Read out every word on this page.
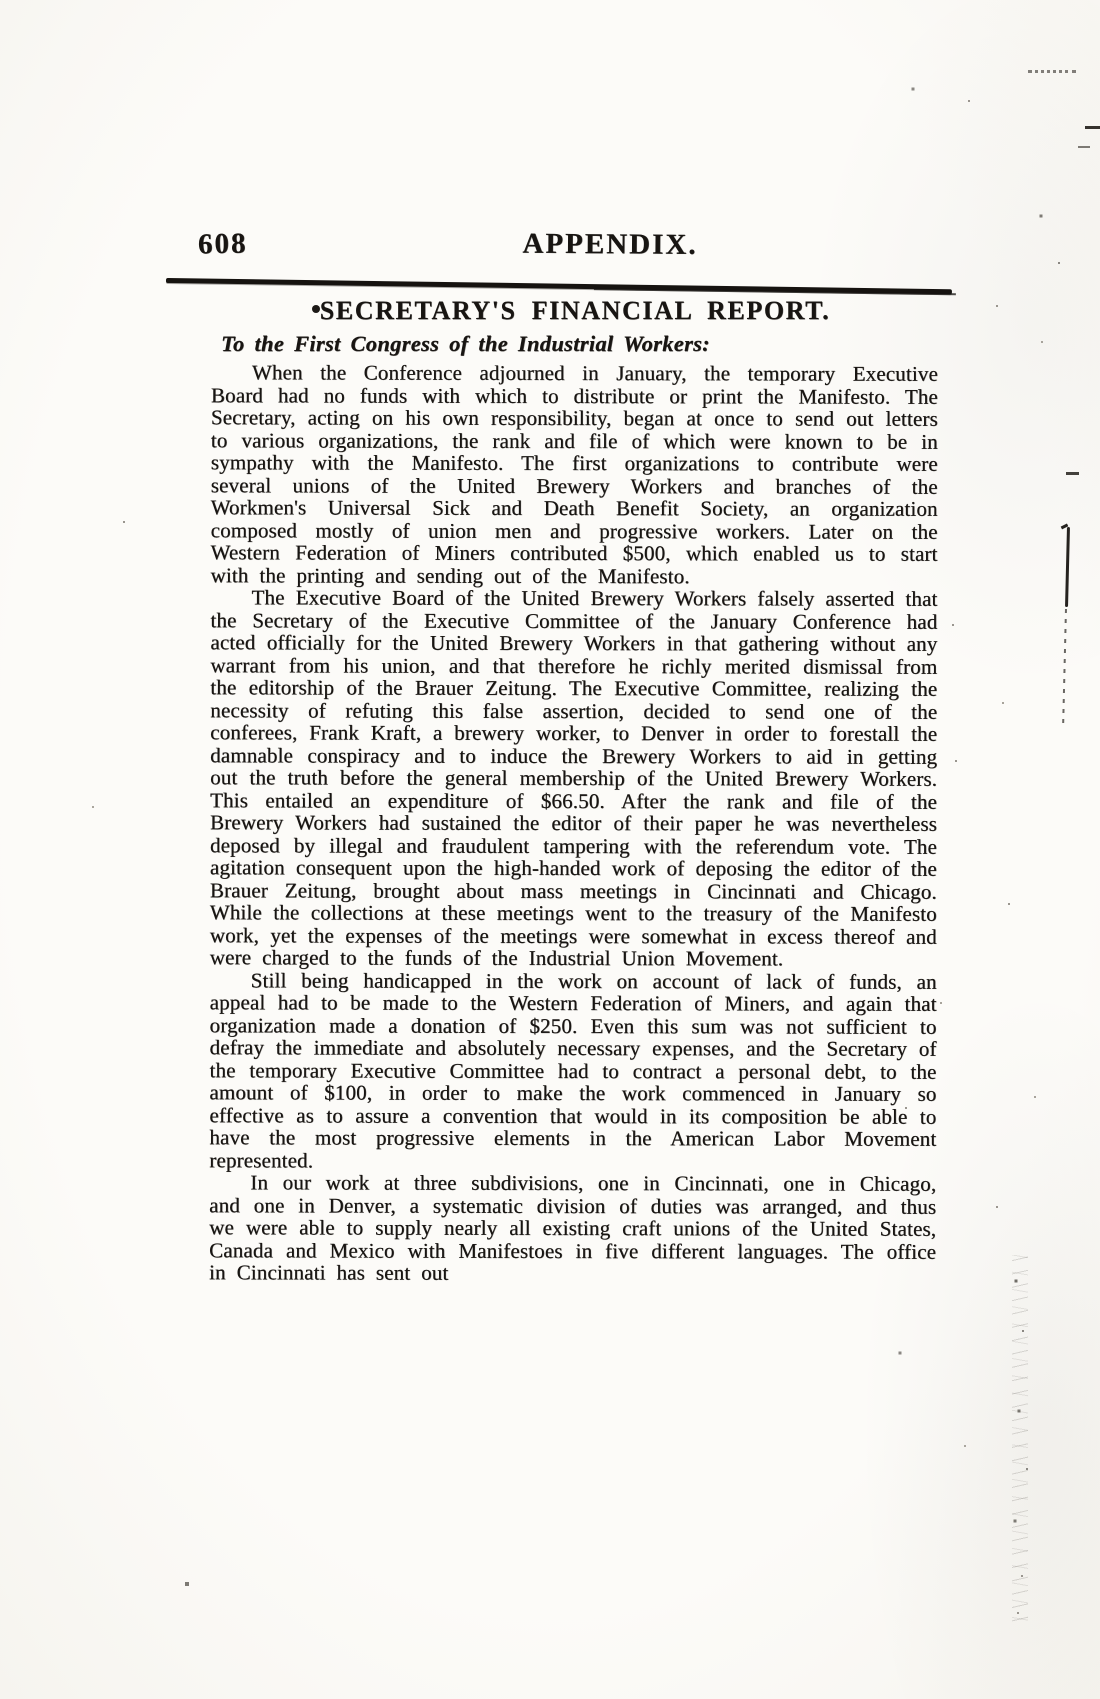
608	APPENDIX.
SECRETARY'S FINANCIAL REPORT.

To the First Congress of the Industrial Workers:

When the Conference adjourned in January, the temporary Executive Board had no funds with which to distribute or print the Manifesto. The Secretary, acting on his own responsibility, began at once to send out letters to various organizations, the rank and file of which were known to be in sympathy with the Manifesto. The first organizations to contribute were several unions of the United Brewery Workers and branches of the Workmen's Universal Sick and Death Benefit Society, an organization composed mostly of union men and progressive workers. Later on the Western Federation of Miners contributed $500, which enabled us to start with the printing and sending out of the Manifesto.

The Executive Board of the United Brewery Workers falsely asserted that the Secretary of the Executive Committee of the January Conference had acted officially for the United Brewery Workers in that gathering without any warrant from his union, and that therefore he richly merited dismissal from the editorship of the Brauer Zeitung. The Executive Committee, realizing the necessity of refuting this false assertion, decided to send one of the conferees, Frank Kraft, a brewery worker, to Denver in order to forestall the damnable conspiracy and to induce the Brewery Workers to aid in getting out the truth before the general membership of the United Brewery Workers. This entailed an expenditure of $66.50. After the rank and file of the Brewery Workers had sustained the editor of their paper he was nevertheless deposed by illegal and fraudulent tampering with the referendum vote. The agitation consequent upon the high-handed work of deposing the editor of the Brauer Zeitung, brought about mass meetings in Cincinnati and Chicago. While the collections at these meetings went to the treasury of the Manifesto work, yet the expenses of the meetings were somewhat in excess thereof and were charged to the funds of the Industrial Union Movement.

Still being handicapped in the work on account of lack of funds, an appeal had to be made to the Western Federation of Miners, and again that organization made a donation of $250. Even this sum was not sufficient to defray the immediate and absolutely necessary expenses, and the Secretary of the temporary Executive Committee had to contract a personal debt, to the amount of $100, in order to make the work commenced in January so effective as to assure a convention that would in its composition be able to have the most progressive elements in the American Labor Movement represented.

In our work at three subdivisions, one in Cincinnati, one in Chicago, and one in Denver, a systematic division of duties was arranged, and thus we were able to supply nearly all existing craft unions of the United States, Canada and Mexico with Manifestoes in five different languages. The office in Cincinnati has sent out
